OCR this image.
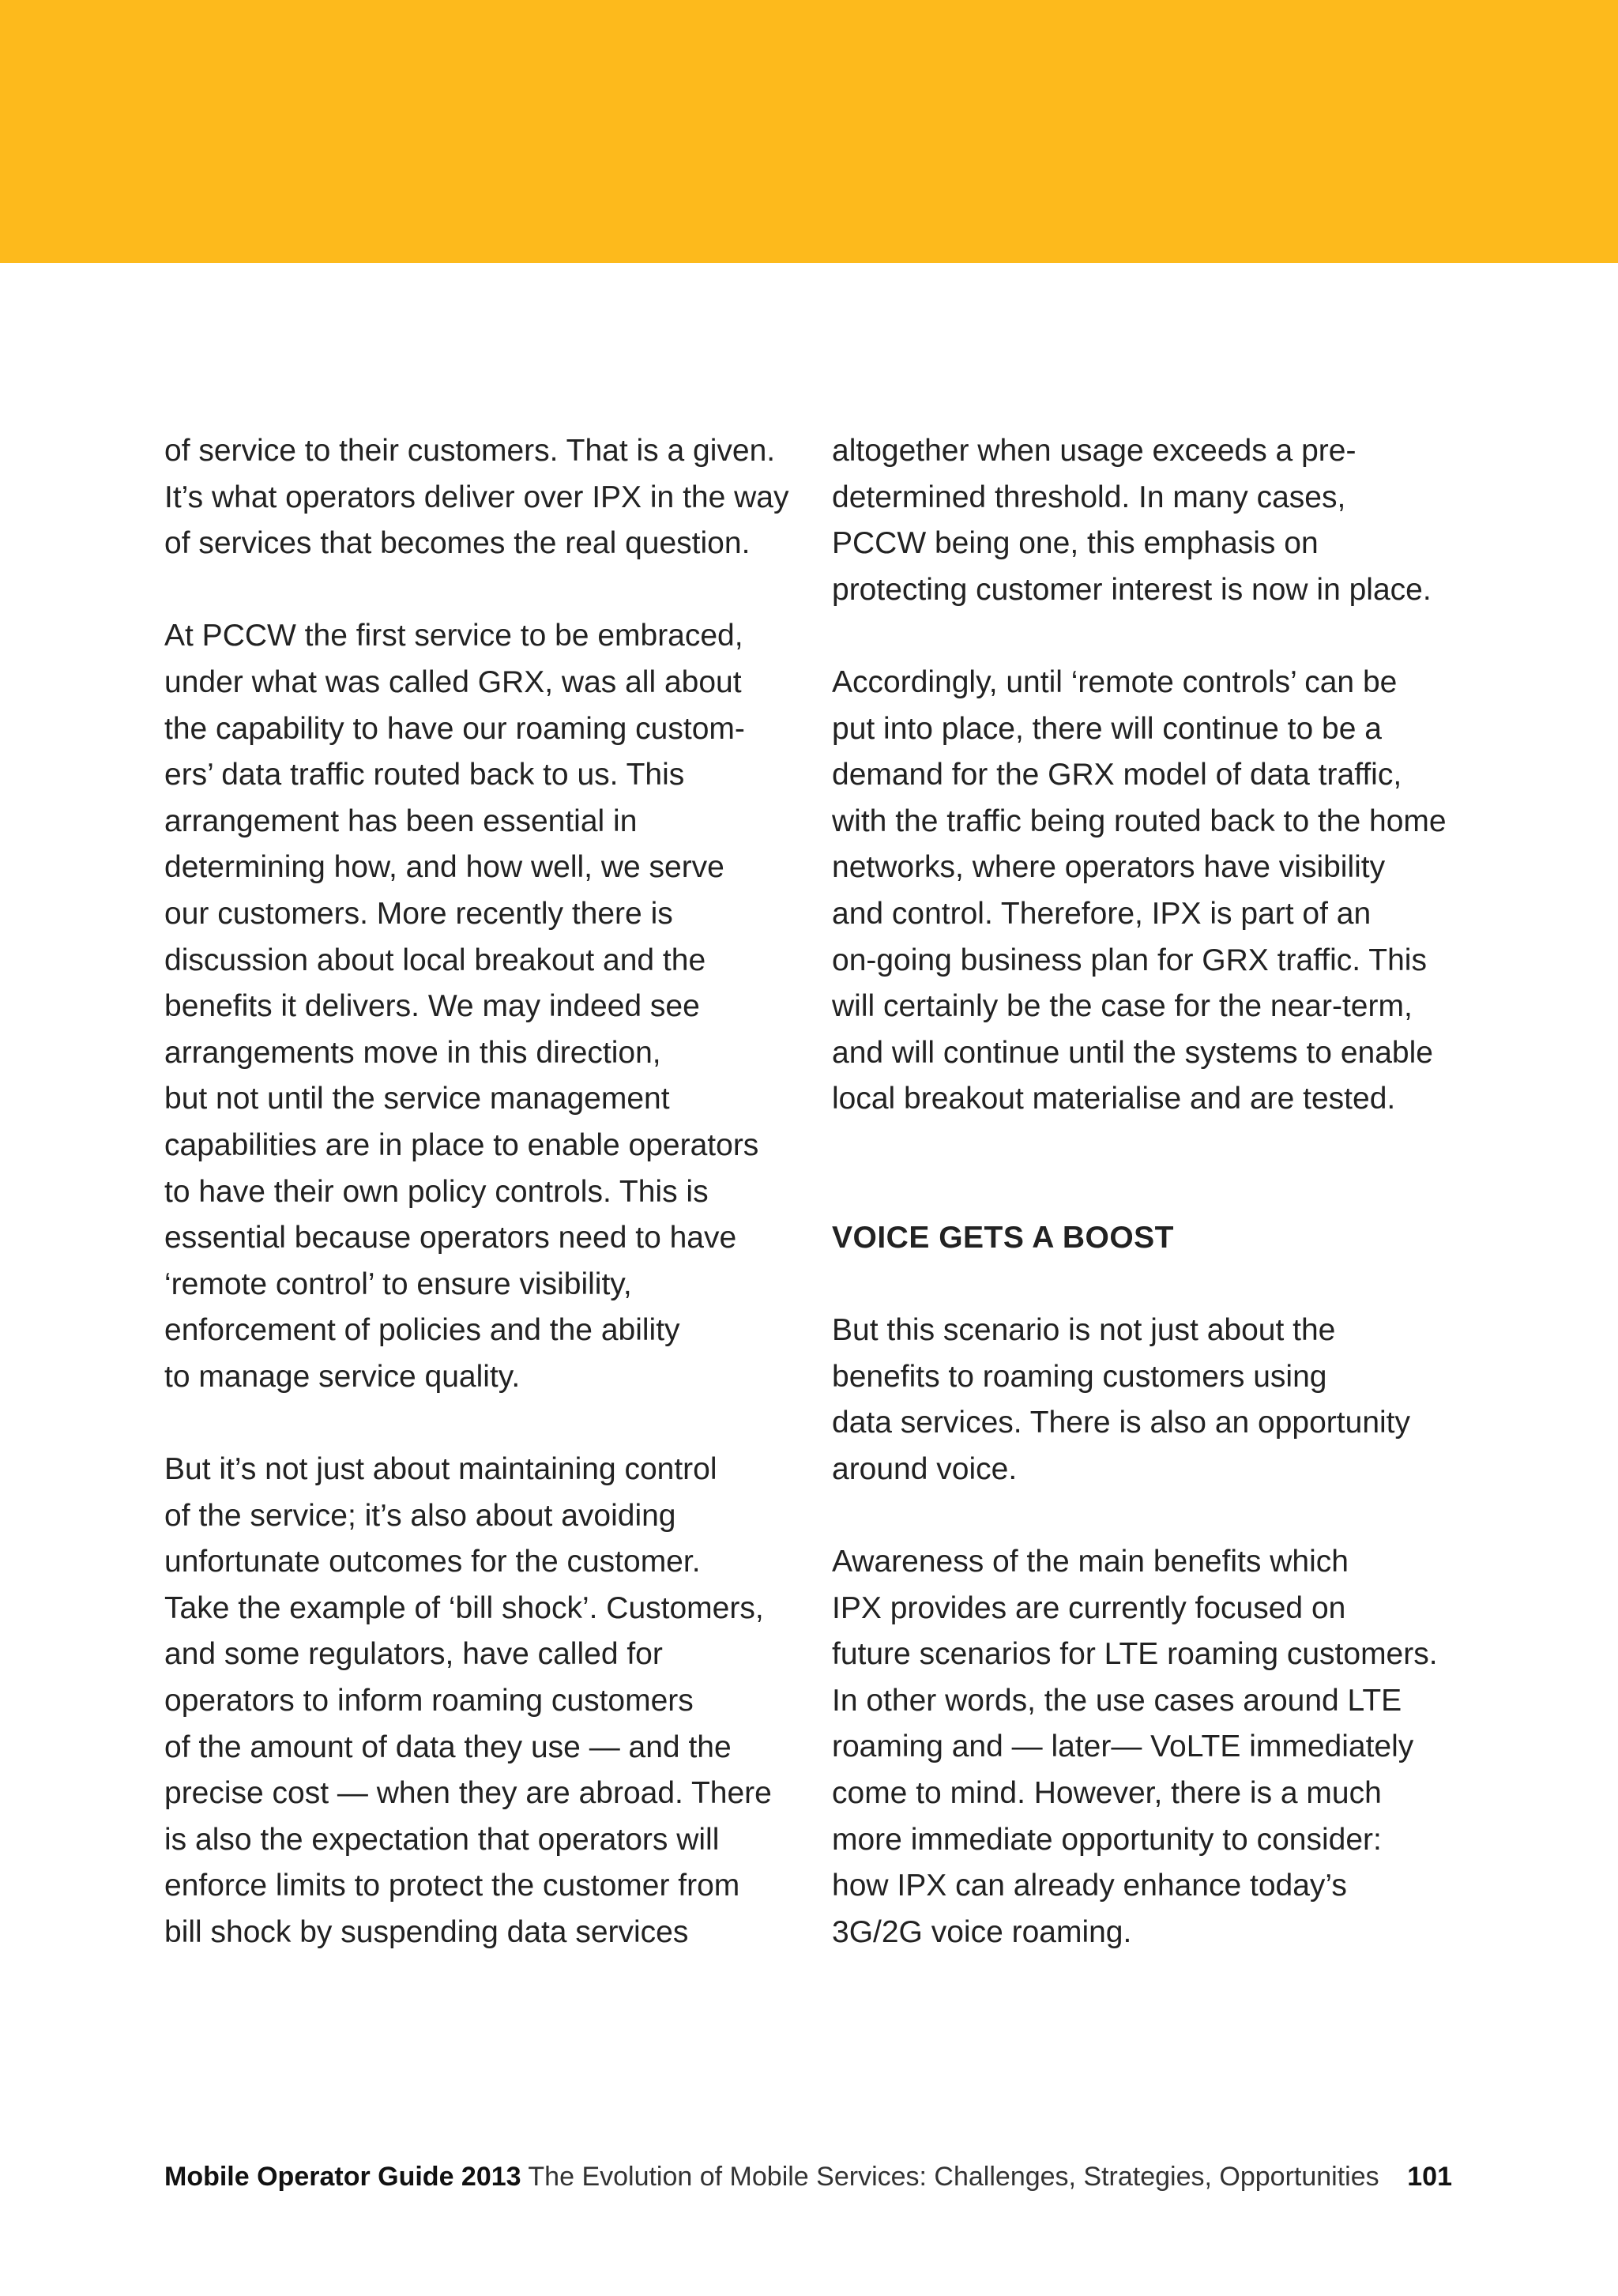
of service to their customers. That is a given.
It’s what operators deliver over IPX in the way
of services that becomes the real question.
At PCCW the first service to be embraced,
under what was called GRX, was all about
the capability to have our roaming custom-
ers’ data traffic routed back to us. This
arrangement has been essential in
determining how, and how well, we serve
our customers. More recently there is
discussion about local breakout and the
benefits it delivers. We may indeed see
arrangements move in this direction,
but not until the service management
capabilities are in place to enable operators
to have their own policy controls. This is
essential because operators need to have
‘remote control’ to ensure visibility,
enforcement of policies and the ability
to manage service quality.
But it’s not just about maintaining control
of the service; it’s also about avoiding
unfortunate outcomes for the customer.
Take the example of ‘bill shock’. Customers,
and some regulators, have called for
operators to inform roaming customers
of the amount of data they use — and the
precise cost — when they are abroad. There
is also the expectation that operators will
enforce limits to protect the customer from
bill shock by suspending data services
altogether when usage exceeds a pre-
determined threshold. In many cases,
PCCW being one, this emphasis on
protecting customer interest is now in place.
Accordingly, until ‘remote controls’ can be
put into place, there will continue to be a
demand for the GRX model of data traffic,
with the traffic being routed back to the home
networks, where operators have visibility
and control. Therefore, IPX is part of an
on-going business plan for GRX traffic. This
will certainly be the case for the near-term,
and will continue until the systems to enable
local breakout materialise and are tested.
VOICE GETS A BOOST
But this scenario is not just about the
benefits to roaming customers using
data services. There is also an opportunity
around voice.
Awareness of the main benefits which
IPX provides are currently focused on
future scenarios for LTE roaming customers.
In other words, the use cases around LTE
roaming and — later— VoLTE immediately
come to mind. However, there is a much
more immediate opportunity to consider:
how IPX can already enhance today’s
3G/2G voice roaming.
Mobile Operator Guide 2013 The Evolution of Mobile Services: Challenges, Strategies, Opportunities 101
